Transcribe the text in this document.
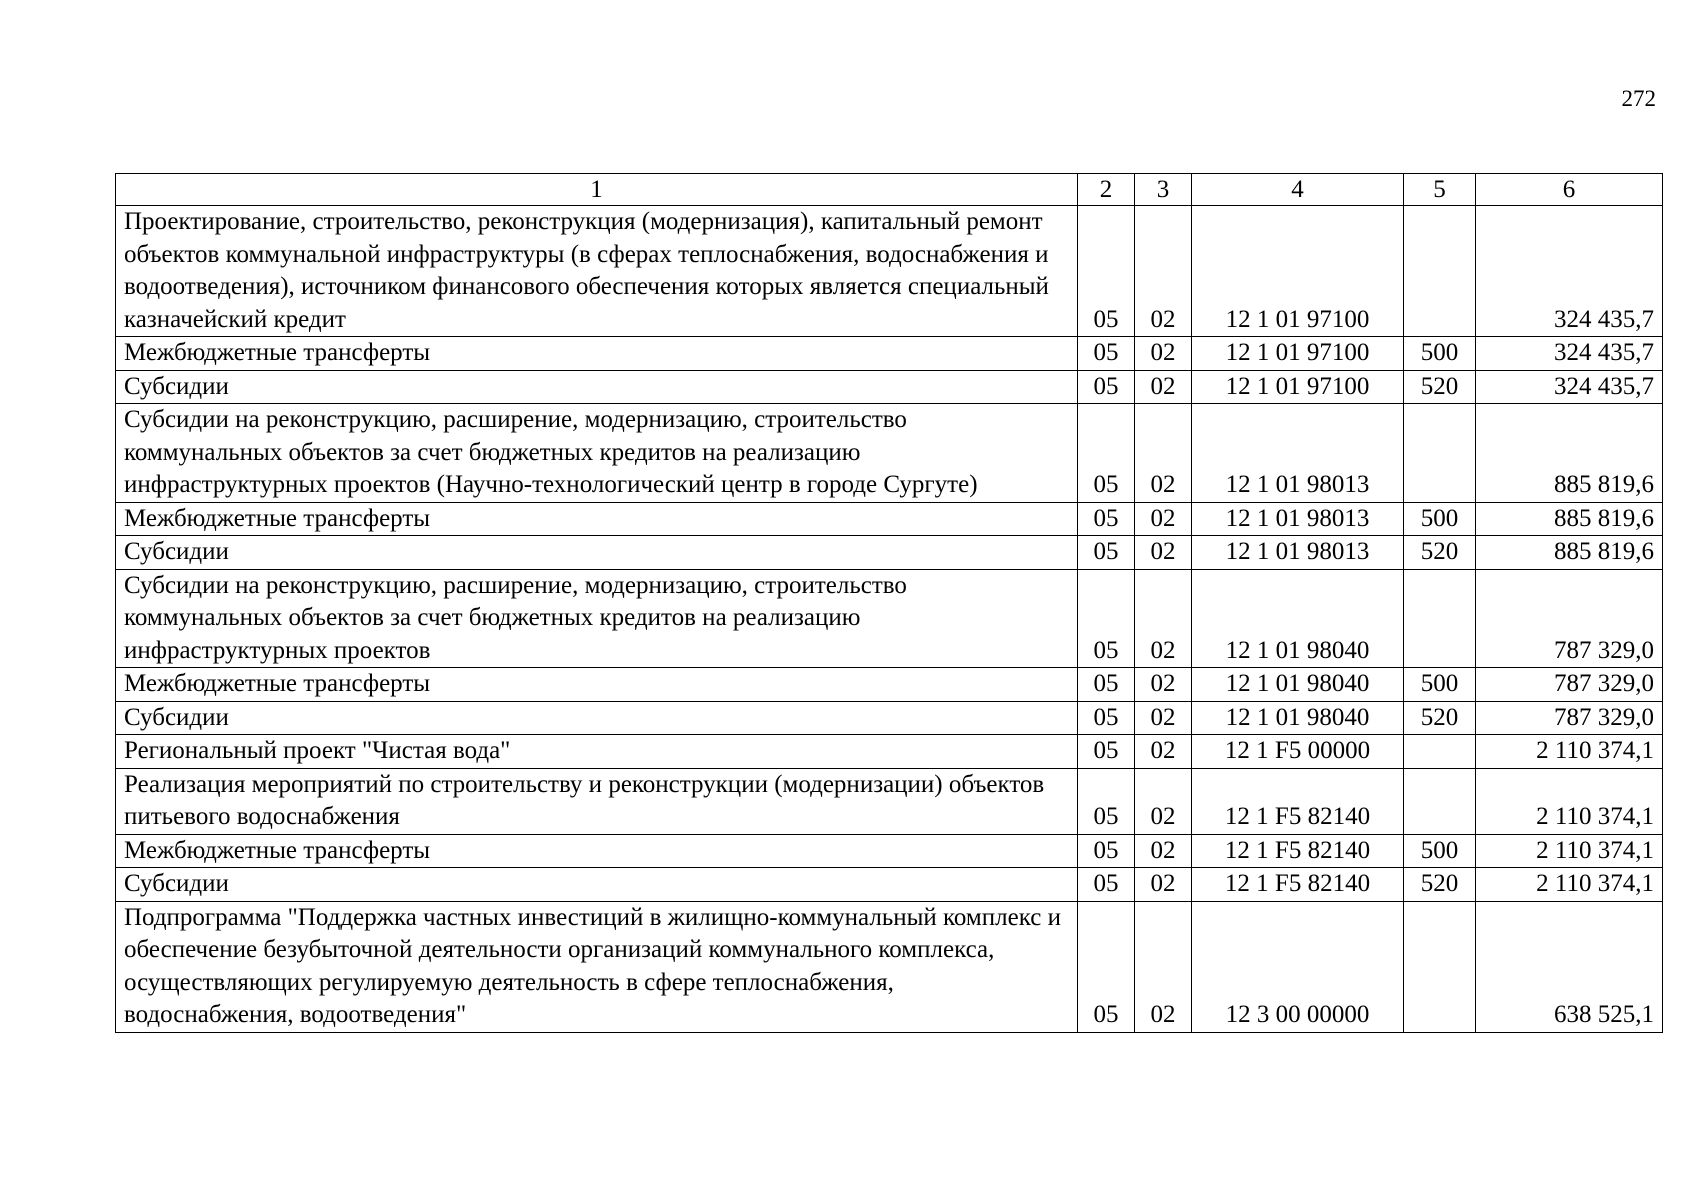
272
1	2	3	4	5	6
Проектирование, строительство, реконструкция (модернизация), капитальный ремонт объектов коммунальной инфраструктуры (в сферах теплоснабжения, водоснабжения и водоотведения), источником финансового обеспечения которых является специальный казначейский кредит	05	02	12 1 01 97100		324 435,7
Межбюджетные трансферты	05	02	12 1 01 97100	500	324 435,7
Субсидии	05	02	12 1 01 97100	520	324 435,7
Субсидии на реконструкцию, расширение, модернизацию, строительство коммунальных объектов за счет бюджетных кредитов на реализацию инфраструктурных проектов (Научно-технологический центр в городе Сургуте)	05	02	12 1 01 98013		885 819,6
Межбюджетные трансферты	05	02	12 1 01 98013	500	885 819,6
Субсидии	05	02	12 1 01 98013	520	885 819,6
Субсидии на реконструкцию, расширение, модернизацию, строительство коммунальных объектов за счет бюджетных кредитов на реализацию инфраструктурных проектов	05	02	12 1 01 98040		787 329,0
Межбюджетные трансферты	05	02	12 1 01 98040	500	787 329,0
Субсидии	05	02	12 1 01 98040	520	787 329,0
Региональный проект "Чистая вода"	05	02	12 1 F5 00000		2 110 374,1
Реализация мероприятий по строительству и реконструкции (модернизации) объектов питьевого водоснабжения	05	02	12 1 F5 82140		2 110 374,1
Межбюджетные трансферты	05	02	12 1 F5 82140	500	2 110 374,1
Субсидии	05	02	12 1 F5 82140	520	2 110 374,1
Подпрограмма "Поддержка частных инвестиций в жилищно-коммунальный комплекс и обеспечение безубыточной деятельности организаций коммунального комплекса, осуществляющих регулируемую деятельность в сфере теплоснабжения, водоснабжения, водоотведения"	05	02	12 3 00 00000		638 525,1
